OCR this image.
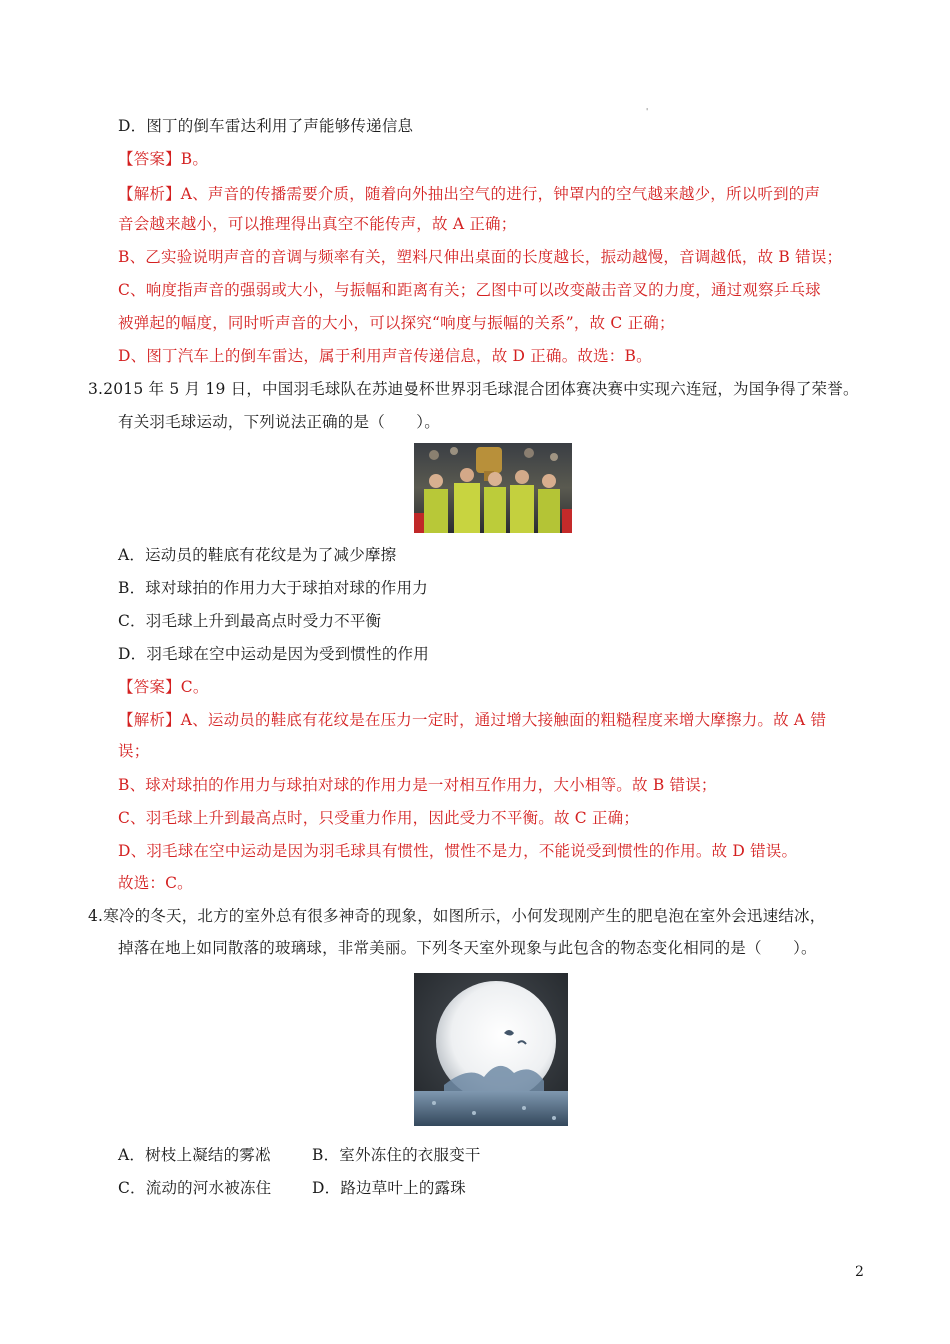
'
D．图丁的倒车雷达利用了声能够传递信息
【答案】B。
【解析】A、声音的传播需要介质，随着向外抽出空气的进行，钟罩内的空气越来越少，所以听到的声
音会越来越小，可以推理得出真空不能传声，故 A 正确；
B、乙实验说明声音的音调与频率有关，塑料尺伸出桌面的长度越长，振动越慢，音调越低，故 B 错误；
C、响度指声音的强弱或大小，与振幅和距离有关；乙图中可以改变敲击音叉的力度，通过观察乒乓球
被弹起的幅度，同时听声音的大小，可以探究“响度与振幅的关系”，故 C 正确；
D、图丁汽车上的倒车雷达，属于利用声音传递信息，故 D 正确。故选：B。
3.2015 年 5 月 19 日，中国羽毛球队在苏迪曼杯世界羽毛球混合团体赛决赛中实现六连冠，为国争得了荣誉。
有关羽毛球运动，下列说法正确的是（　　）。
A．运动员的鞋底有花纹是为了减少摩擦
B．球对球拍的作用力大于球拍对球的作用力
C．羽毛球上升到最高点时受力不平衡
D．羽毛球在空中运动是因为受到惯性的作用
【答案】C。
【解析】A、运动员的鞋底有花纹是在压力一定时，通过增大接触面的粗糙程度来增大摩擦力。故 A 错
误；
B、球对球拍的作用力与球拍对球的作用力是一对相互作用力，大小相等。故 B 错误；
C、羽毛球上升到最高点时，只受重力作用，因此受力不平衡。故 C 正确；
D、羽毛球在空中运动是因为羽毛球具有惯性，惯性不是力，不能说受到惯性的作用。故 D 错误。
故选：C。
4.寒冷的冬天，北方的室外总有很多神奇的现象，如图所示，小何发现刚产生的肥皂泡在室外会迅速结冰，
掉落在地上如同散落的玻璃球，非常美丽。下列冬天室外现象与此包含的物态变化相同的是（　　）。
A．树枝上凝结的雾凇	B．室外冻住的衣服变干
C．流动的河水被冻住	D．路边草叶上的露珠
2
